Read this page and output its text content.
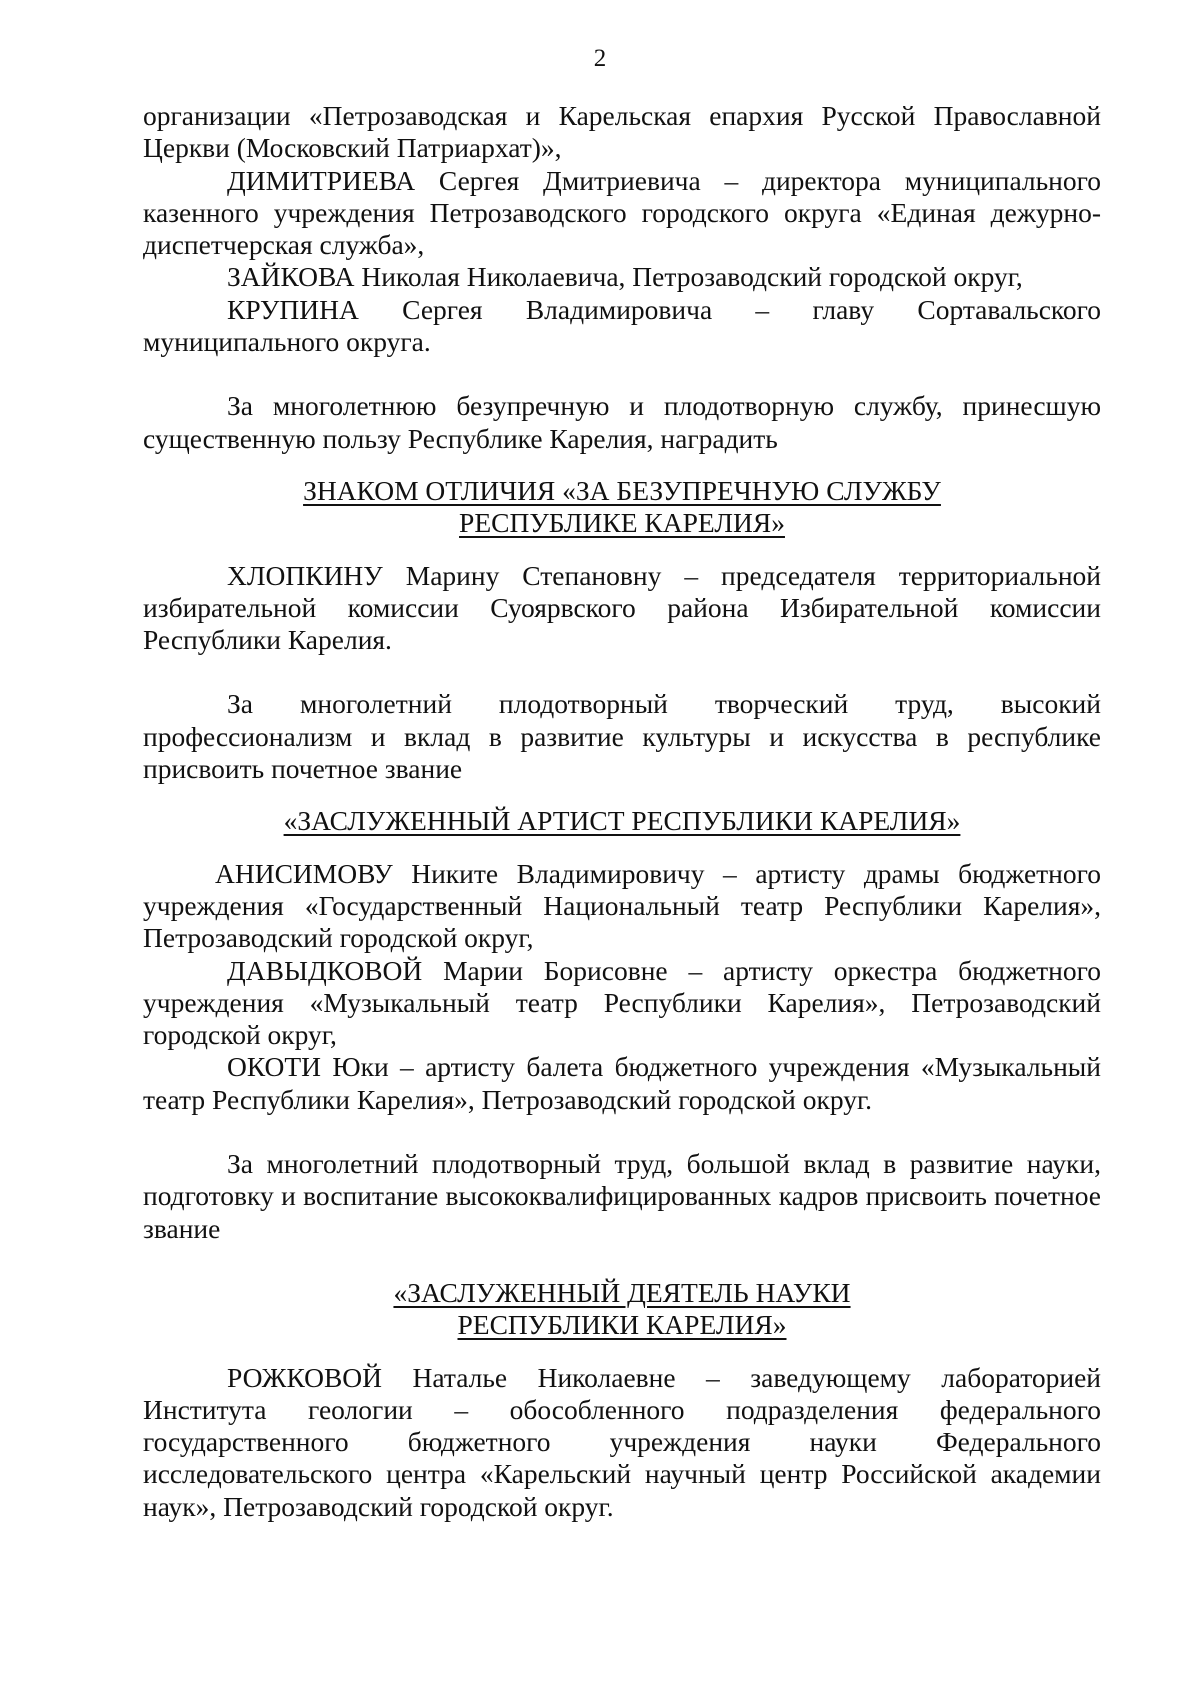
2

организации «Петрозаводская и Карельская епархия Русской Православной Церкви (Московский Патриархат)»,

ДИМИТРИЕВА Сергея Дмитриевича – директора муниципального казенного учреждения Петрозаводского городского округа «Единая дежурно-диспетчерская служба»,

ЗАЙКОВА Николая Николаевича, Петрозаводский городской округ,

КРУПИНА Сергея Владимировича – главу Сортавальского муниципального округа.

За многолетнюю безупречную и плодотворную службу, принесшую существенную пользу Республике Карелия, наградить

ЗНАКОМ ОТЛИЧИЯ «ЗА БЕЗУПРЕЧНУЮ СЛУЖБУ
РЕСПУБЛИКЕ КАРЕЛИЯ»

ХЛОПКИНУ Марину Степановну – председателя территориальной избирательной комиссии Суоярвского района Избирательной комиссии Республики Карелия.

За многолетний плодотворный творческий труд, высокий профессионализм и вклад в развитие культуры и искусства в республике присвоить почетное звание

«ЗАСЛУЖЕННЫЙ АРТИСТ РЕСПУБЛИКИ КАРЕЛИЯ»

АНИСИМОВУ Никите Владимировичу – артисту драмы бюджетного учреждения «Государственный Национальный театр Республики Карелия», Петрозаводский городской округ,

ДАВЫДКОВОЙ Марии Борисовне – артисту оркестра бюджетного учреждения «Музыкальный театр Республики Карелия», Петрозаводский городской округ,

ОКОТИ Юки – артисту балета бюджетного учреждения «Музыкальный театр Республики Карелия», Петрозаводский городской округ.

За многолетний плодотворный труд, большой вклад в развитие науки, подготовку и воспитание высококвалифицированных кадров присвоить почетное звание

«ЗАСЛУЖЕННЫЙ ДЕЯТЕЛЬ НАУКИ
РЕСПУБЛИКИ КАРЕЛИЯ»

РОЖКОВОЙ Наталье Николаевне – заведующему лабораторией Института геологии – обособленного подразделения федерального государственного бюджетного учреждения науки Федерального исследовательского центра «Карельский научный центр Российской академии наук», Петрозаводский городской округ.
